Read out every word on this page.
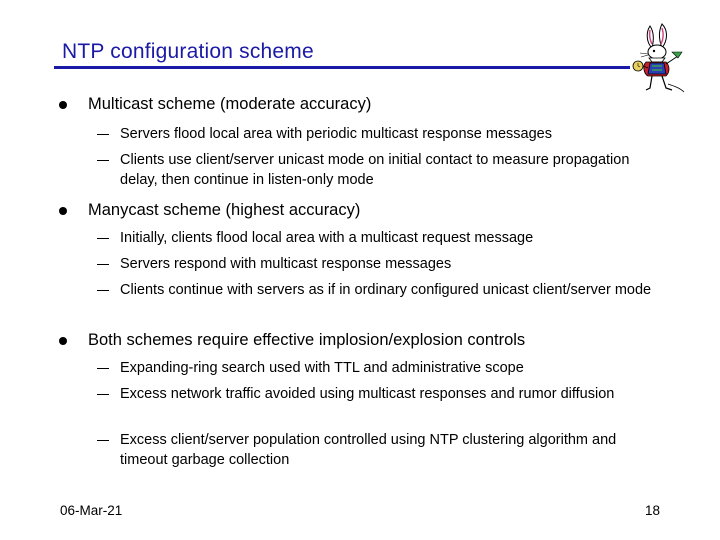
NTP configuration scheme
Multicast scheme (moderate accuracy)
Servers flood local area with periodic multicast response messages
Clients use client/server unicast mode on initial contact to measure propagation delay, then continue in listen-only mode
Manycast scheme (highest accuracy)
Initially, clients flood local area with a multicast request message
Servers respond with multicast response messages
Clients continue with servers as if in ordinary configured unicast client/server mode
Both schemes require effective implosion/explosion controls
Expanding-ring search used with TTL and administrative scope
Excess network traffic avoided using multicast responses and rumor diffusion
Excess client/server population controlled using NTP clustering algorithm and timeout garbage collection
06-Mar-21	18
